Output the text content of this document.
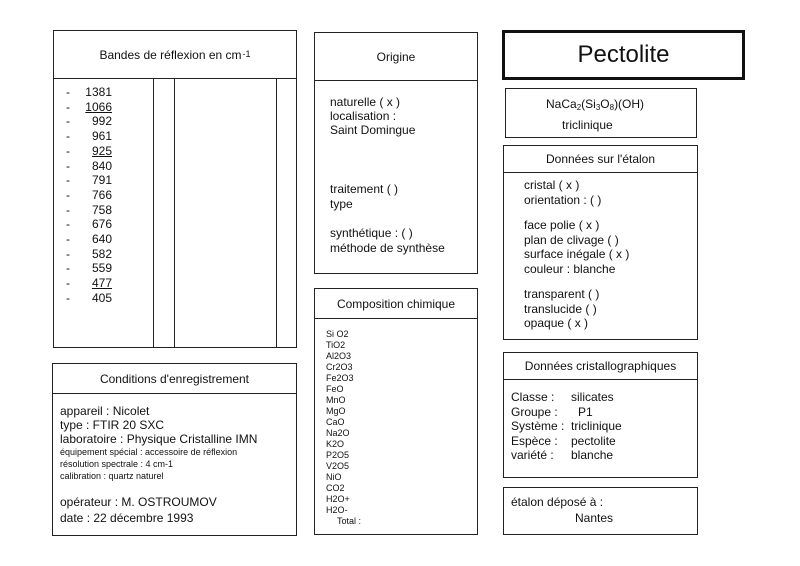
Bandes de réflexion en cm -1
- 1381
- 1066
- 992
- 961
- 925
- 840
- 791
- 766
- 758
- 676
- 640
- 582
- 559
- 477
- 405
Origine
naturelle ( x )
localisation :
Saint Domingue
traitement ( )
type
synthétique : ( )
méthode de synthèse
Pectolite
$NaCa_2(Si_3O_8)(OH)$
triclinique
Données sur l'étalon
cristal ( x )
orientation : ( )
face polie ( x )
plan de clivage ( )
surface inégale ( x )
couleur : blanche
transparent ( )
translucide ( )
opaque ( x )
Composition chimique
Si O2
TiO2
Al2O3
Cr2O3
Fe2O3
FeO
MnO
MgO
CaO
Na2O
K2O
P2O5
V2O5
NiO
CO2
H2O+
H2O-
Total :
Conditions d'enregistrement
appareil : Nicolet
type : FTIR 20 SXC
laboratoire : Physique Cristalline IMN
équipement spécial : accessoire de réflexion
résolution spectrale : 4 cm-1
calibration : quartz naturel
opérateur : M. OSTROUMOV
date : 22 décembre 1993
Données cristallographiques
Classe : silicates
Groupe : P1
Système : triclinique
Espèce : pectolite
variété : blanche
étalon déposé à :
Nantes
